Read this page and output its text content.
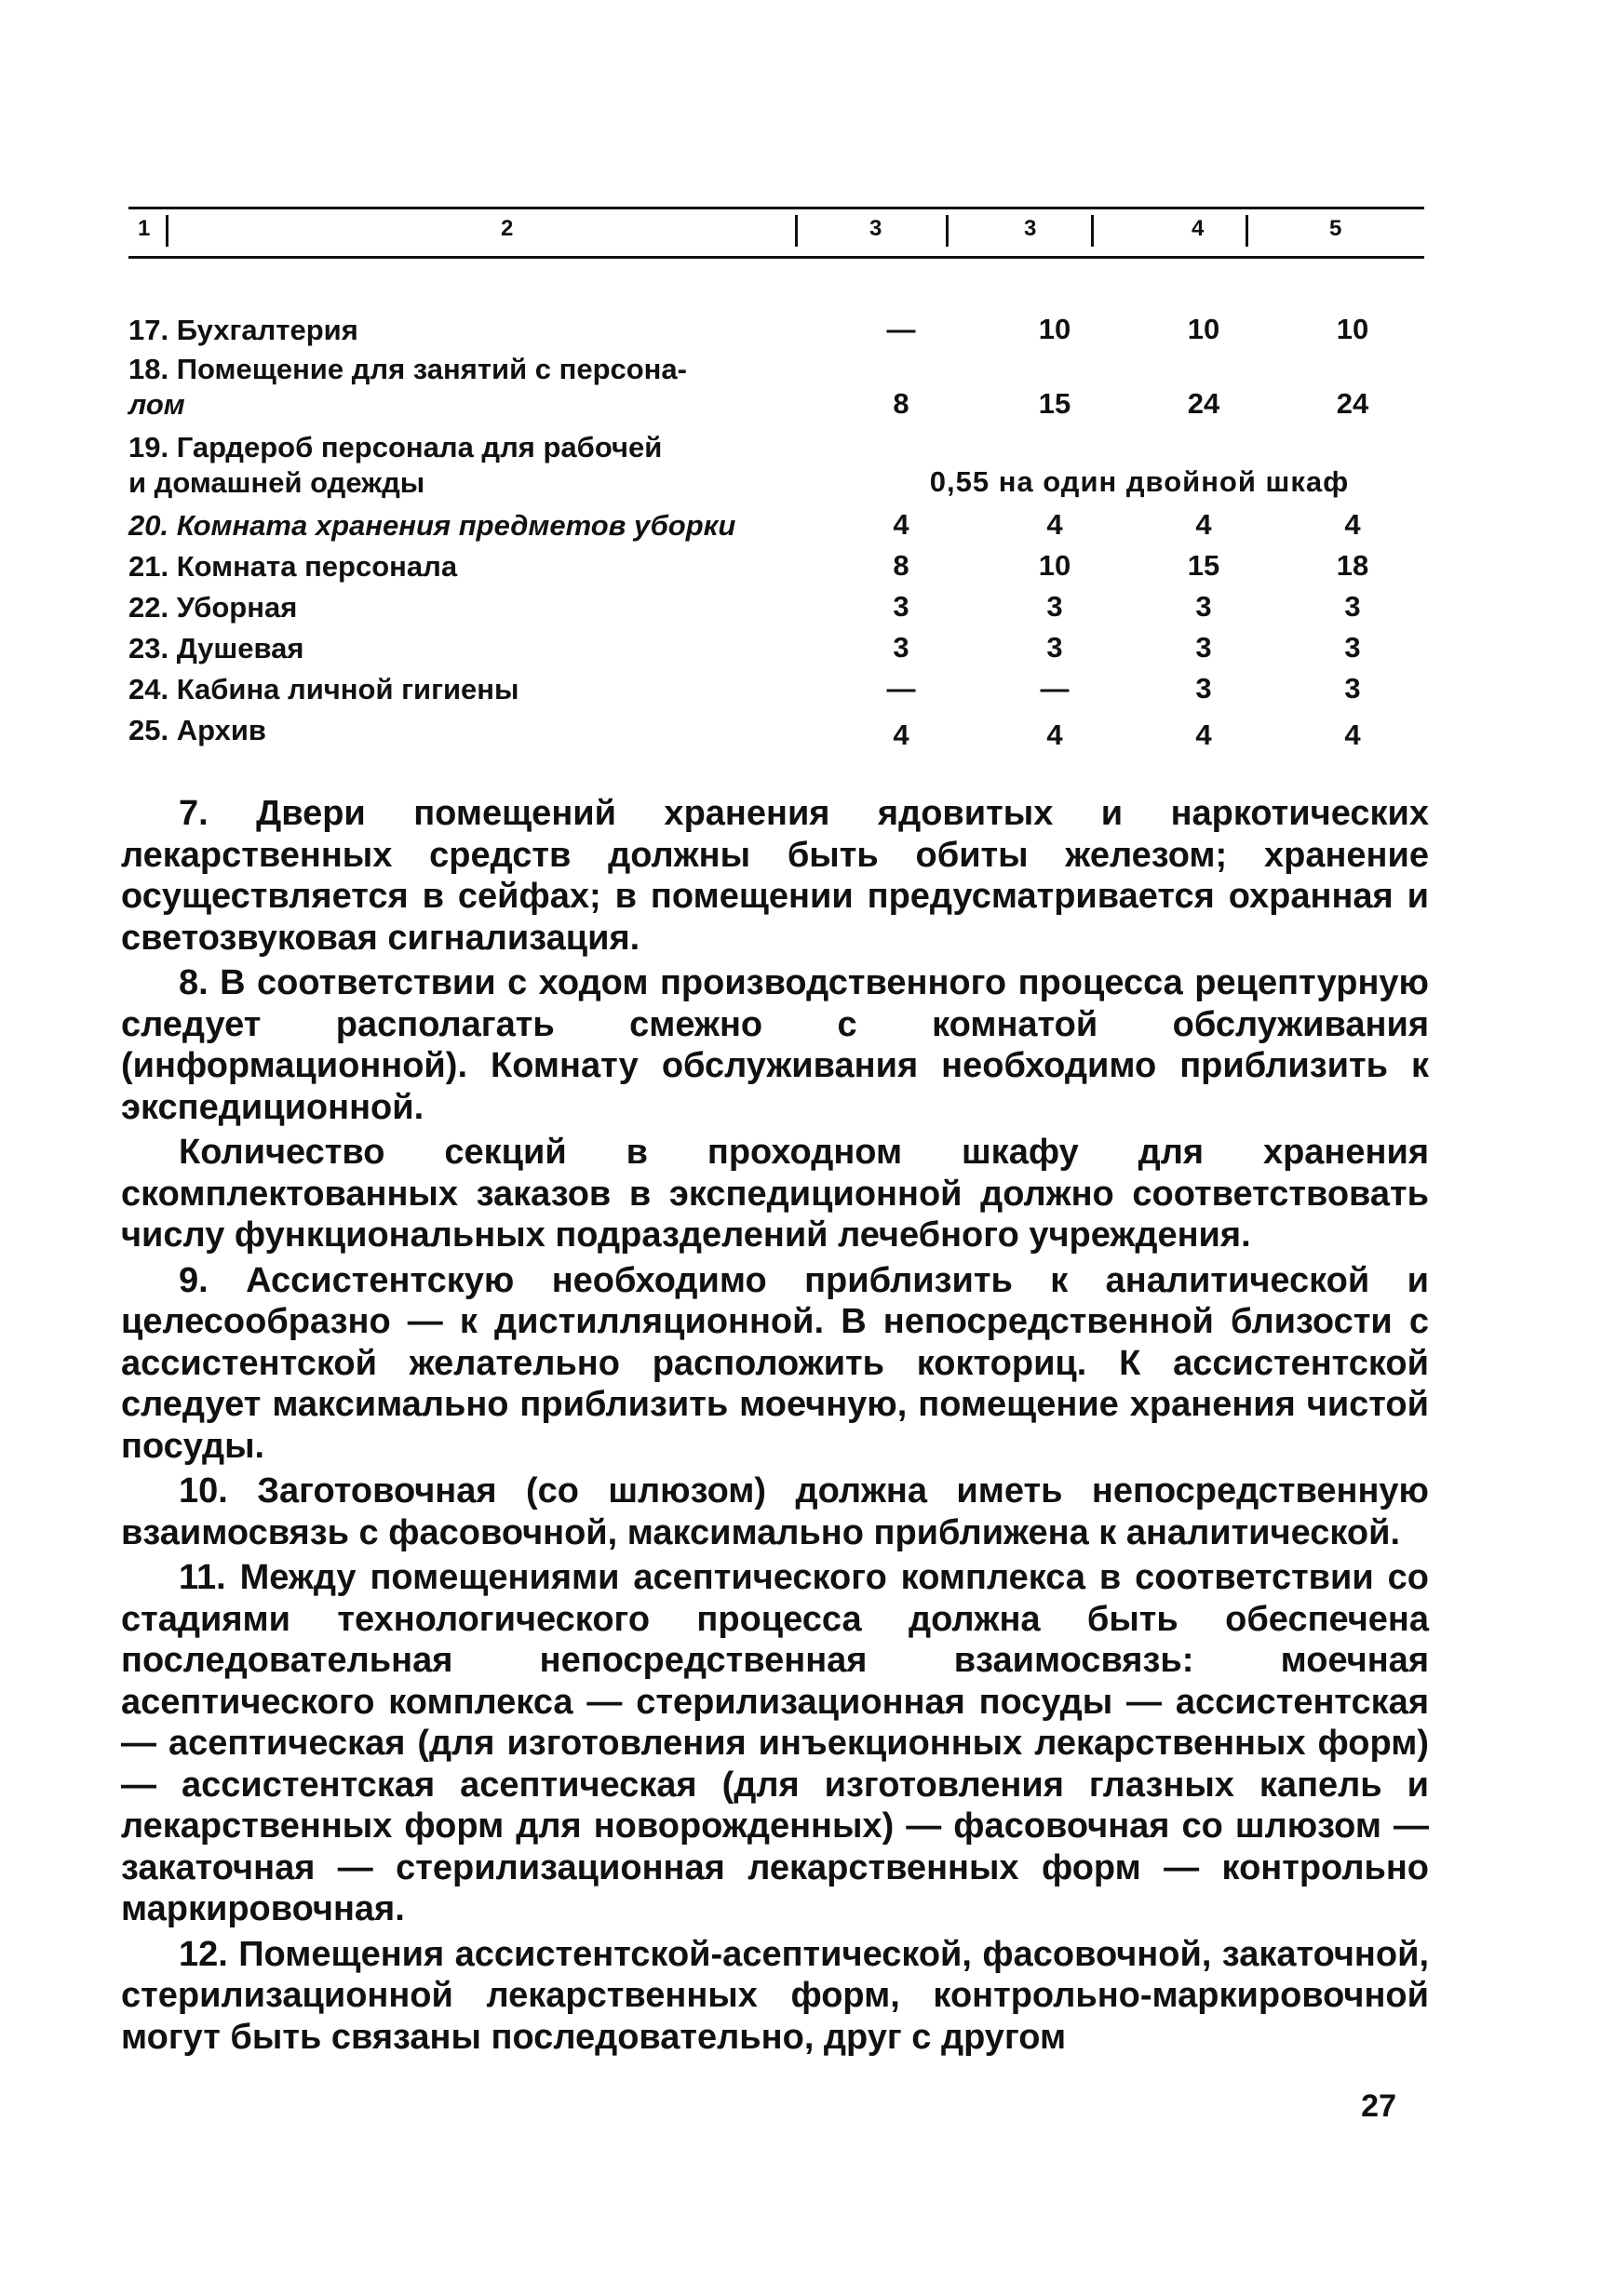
1	2	3	3	4	5
17. Бухгалтерия	—	10	10	10
18. Помещение для занятий с персона-
лом	8	15	24	24
19. Гардероб персонала для рабочей
и домашней одежды	0,55 на один двойной шкаф
20. Комната хранения предметов уборки	4	4	4	4
21. Комната персонала	8	10	15	18
22. Уборная	3	3	3	3
23. Душевая	3	3	3	3
24. Кабина личной гигиены	—	—	3	3
25. Архив	4	4	4	4

7. Двери помещений хранения ядовитых и наркотических лекарственных средств должны быть обиты железом; хранение осуществляется в сейфах; в помещении предусматривается охранная и светозвуковая сигнализация.

8. В соответствии с ходом производственного процесса рецептурную следует располагать смежно с комнатой обслуживания (информационной). Комнату обслуживания необходимо приблизить к экспедиционной.

Количество секций в проходном шкафу для хранения скомплектованных заказов в экспедиционной должно соответствовать числу функциональных подразделений лечебного учреждения.

9. Ассистентскую необходимо приблизить к аналитической и целесообразно — к дистилляционной. В непосредственной близости с ассистентской желательно расположить кокториц. К ассистентской следует максимально приблизить моечную, помещение хранения чистой посуды.

10. Заготовочная (со шлюзом) должна иметь непосредственную взаимосвязь с фасовочной, максимально приближена к аналитической.

11. Между помещениями асептического комплекса в соответствии со стадиями технологического процесса должна быть обеспечена последовательная непосредственная взаимосвязь: моечная асептического комплекса — стерилизационная посуды — ассистентская — асептическая (для изготовления инъекционных лекарственных форм) — ассистентская асептическая (для изготовления глазных капель и лекарственных форм для новорожденных) — фасовочная со шлюзом — закаточная — стерилизационная лекарственных форм — контрольно маркировочная.

12. Помещения ассистентской-асептической, фасовочной, закаточной, стерилизационной лекарственных форм, контрольно-маркировочной могут быть связаны последовательно, друг с другом

27
